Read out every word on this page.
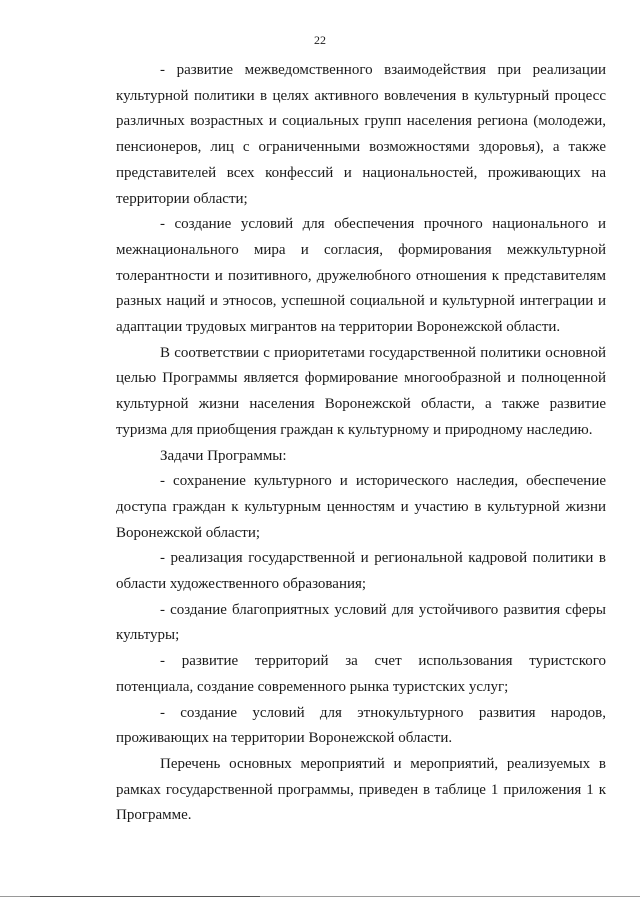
22

- развитие межведомственного взаимодействия при реализации культурной политики в целях активного вовлечения в культурный процесс различных возрастных и социальных групп населения региона (молодежи, пенсионеров, лиц с ограниченными возможностями здоровья), а также представителей всех конфессий и национальностей, проживающих на территории области;

- создание условий для обеспечения прочного национального и межнационального мира и согласия, формирования межкультурной толерантности и позитивного, дружелюбного отношения к представителям разных наций и этносов, успешной социальной и культурной интеграции и адаптации трудовых мигрантов на территории Воронежской области.

В соответствии с приоритетами государственной политики основной целью Программы является формирование многообразной и полноценной культурной жизни населения Воронежской области, а также развитие туризма для приобщения граждан к культурному и природному наследию.

Задачи Программы:

- сохранение культурного и исторического наследия, обеспечение доступа граждан к культурным ценностям и участию в культурной жизни Воронежской области;

- реализация государственной и региональной кадровой политики в области художественного образования;

- создание благоприятных условий для устойчивого развития сферы культуры;

- развитие территорий за счет использования туристского потенциала, создание современного рынка туристских услуг;

- создание условий для этнокультурного развития народов, проживающих на территории Воронежской области.

Перечень основных мероприятий и мероприятий, реализуемых в рамках государственной программы, приведен в таблице 1 приложения 1 к Программе.
